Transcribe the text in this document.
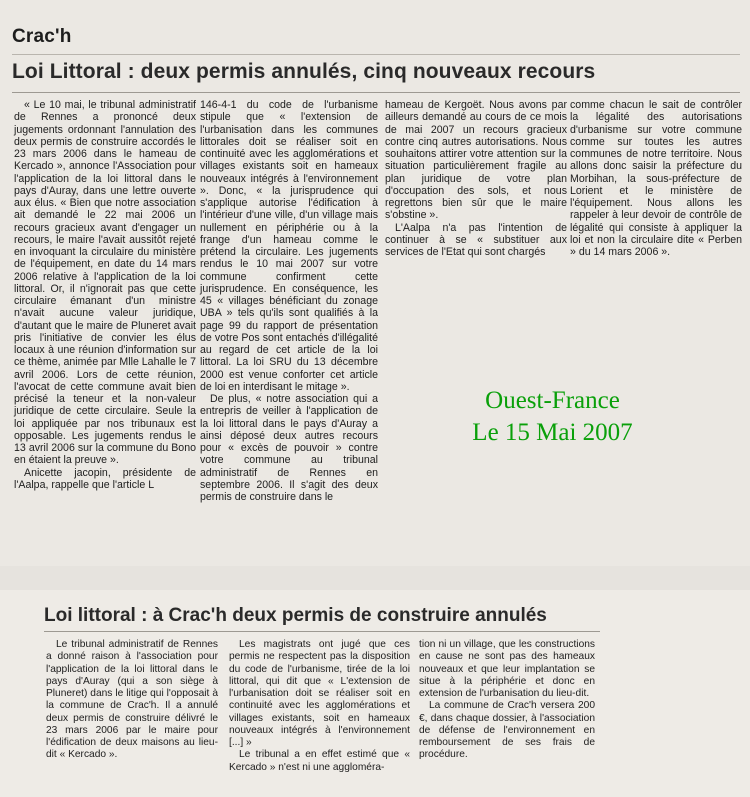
Crac'h
Loi Littoral : deux permis annulés, cinq nouveaux recours

« Le 10 mai, le tribunal administratif de Rennes a prononcé deux jugements ordonnant l'annulation des deux permis de construire accordés le 23 mars 2006 dans le hameau de Kercado », annonce l'Association pour l'application de la loi littoral dans le pays d'Auray, dans une lettre ouverte aux élus. « Bien que notre association ait demandé le 22 mai 2006 un recours gracieux avant d'engager un recours, le maire l'avait aussitôt rejeté en invoquant la circulaire du ministère de l'équipement, en date du 14 mars 2006 relative à l'application de la loi littoral. Or, il n'ignorait pas que cette circulaire émanant d'un ministre n'avait aucune valeur juridique, d'autant que le maire de Pluneret avait pris l'initiative de convier les élus locaux à une réunion d'information sur ce thème, animée par Mlle Lahalle le 7 avril 2006. Lors de cette réunion, l'avocat de cette commune avait bien précisé la teneur et la non-valeur juridique de cette circulaire. Seule la loi appliquée par nos tribunaux est opposable. Les jugements rendus le 13 avril 2006 sur la commune du Bono en étaient la preuve ».

Anicette jacopin, présidente de l'Aalpa, rappelle que l'article L

146-4-1 du code de l'urbanisme stipule que « l'extension de l'urbanisation dans les communes littorales doit se réaliser soit en continuité avec les agglomérations et villages existants soit en hameaux nouveaux intégrés à l'environnement ». Donc, « la jurisprudence qui s'applique autorise l'édification à l'intérieur d'une ville, d'un village mais nullement en périphérie ou à la frange d'un hameau comme le prétend la circulaire. Les jugements rendus le 10 mai 2007 sur votre commune confirment cette jurisprudence. En conséquence, les 45 « villages bénéficiant du zonage UBA » tels qu'ils sont qualifiés à la page 99 du rapport de présentation de votre Pos sont entachés d'illégalité au regard de cet article de la loi littoral. La loi SRU du 13 décembre 2000 est venue conforter cet article de loi en interdisant le mitage ».

De plus, « notre association qui a entrepris de veiller à l'application de la loi littoral dans le pays d'Auray a ainsi déposé deux autres recours pour « excès de pouvoir » contre votre commune au tribunal administratif de Rennes en septembre 2006. Il s'agit des deux permis de construire dans le

hameau de Kergoët. Nous avons par ailleurs demandé au cours de ce mois de mai 2007 un recours gracieux contre cinq autres autorisations. Nous souhaitons attirer votre attention sur la situation particulièrement fragile au plan juridique de votre plan d'occupation des sols, et nous regrettons bien sûr que le maire s'obstine ».

L'Aalpa n'a pas l'intention de continuer à se « substituer aux services de l'Etat qui sont chargés

comme chacun le sait de contrôler la légalité des autorisations d'urbanisme sur votre commune comme sur toutes les autres communes de notre territoire. Nous allons donc saisir la préfecture du Morbihan, la sous-préfecture de Lorient et le ministère de l'équipement. Nous allons les rappeler à leur devoir de contrôle de légalité qui consiste à appliquer la loi et non la circulaire dite « Perben » du 14 mars 2006 ».

Ouest-France
Le 15 Mai 2007
Loi littoral : à Crac'h deux permis de construire annulés

Le tribunal administratif de Rennes a donné raison à l'association pour l'application de la loi littoral dans le pays d'Auray (qui a son siège à Pluneret) dans le litige qui l'opposait à la commune de Crac'h. Il a annulé deux permis de construire délivré le 23 mars 2006 par le maire pour l'édification de deux maisons au lieu-dit « Kercado ».

Les magistrats ont jugé que ces permis ne respectent pas la disposition du code de l'urbanisme, tirée de la loi littoral, qui dit que « L'extension de l'urbanisation doit se réaliser soit en continuité avec les agglomérations et villages existants, soit en hameaux nouveaux intégrés à l'environnement [...] »

Le tribunal a en effet estimé que « Kercado » n'est ni une aggloméra-

tion ni un village, que les constructions en cause ne sont pas des hameaux nouveaux et que leur implantation se situe à la périphérie et donc en extension de l'urbanisation du lieu-dit.

La commune de Crac'h versera 200 €, dans chaque dossier, à l'association de défense de l'environnement en remboursement de ses frais de procédure.
